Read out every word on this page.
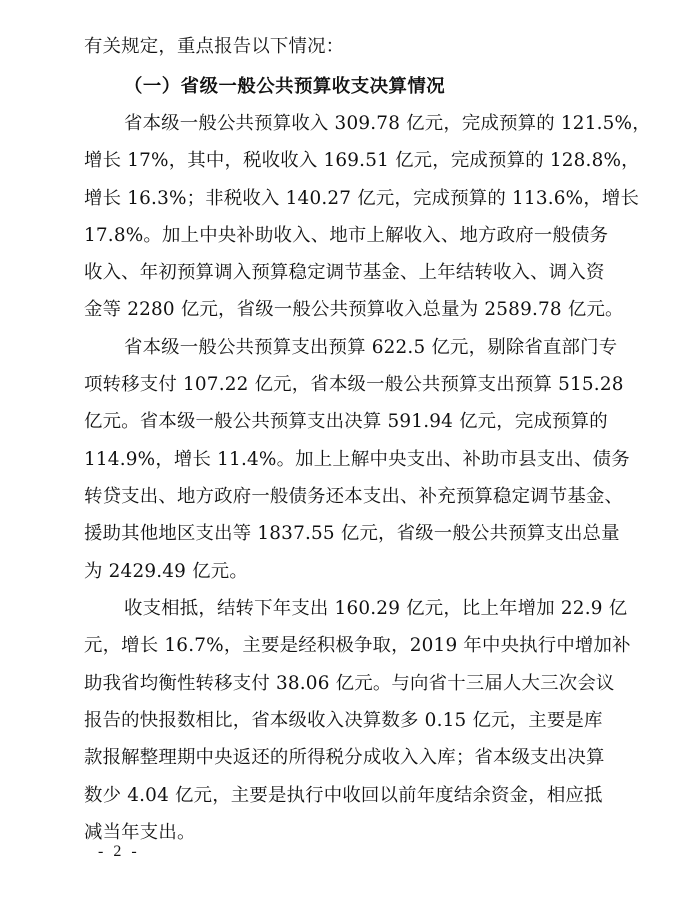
有关规定，重点报告以下情况：
（一）省级一般公共预算收支决算情况
省本级一般公共预算收入 309.78 亿元，完成预算的 121.5%，
增长 17%，其中，税收收入 169.51 亿元，完成预算的 128.8%，
增长 16.3%；非税收入 140.27 亿元，完成预算的 113.6%，增长
17.8%。加上中央补助收入、地市上解收入、地方政府一般债务
收入、年初预算调入预算稳定调节基金、上年结转收入、调入资
金等 2280 亿元，省级一般公共预算收入总量为 2589.78 亿元。
省本级一般公共预算支出预算 622.5 亿元，剔除省直部门专
项转移支付 107.22 亿元，省本级一般公共预算支出预算 515.28
亿元。省本级一般公共预算支出决算 591.94 亿元，完成预算的
114.9%，增长 11.4%。加上上解中央支出、补助市县支出、债务
转贷支出、地方政府一般债务还本支出、补充预算稳定调节基金、
援助其他地区支出等 1837.55 亿元，省级一般公共预算支出总量
为 2429.49 亿元。
收支相抵，结转下年支出 160.29 亿元，比上年增加 22.9 亿
元，增长 16.7%，主要是经积极争取，2019 年中央执行中增加补
助我省均衡性转移支付 38.06 亿元。与向省十三届人大三次会议
报告的快报数相比，省本级收入决算数多 0.15 亿元，主要是库
款报解整理期中央返还的所得税分成收入入库；省本级支出决算
数少 4.04 亿元，主要是执行中收回以前年度结余资金，相应抵
减当年支出。
- 2 -
